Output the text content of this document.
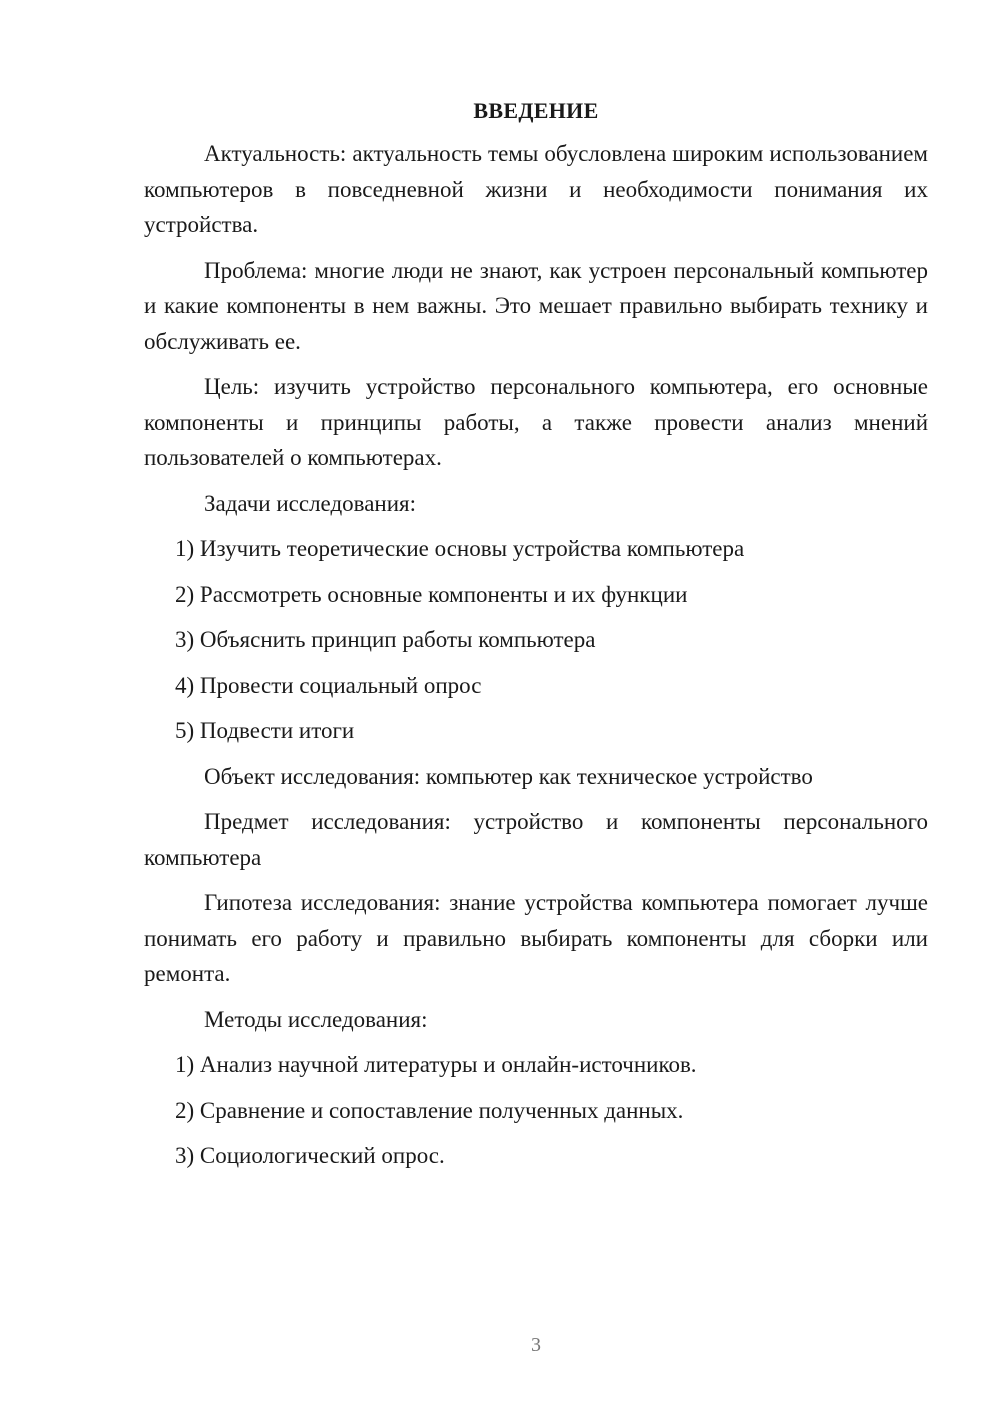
ВВЕДЕНИЕ

Актуальность: актуальность темы обусловлена широким использованием компьютеров в повседневной жизни и необходимости понимания их устройства.

Проблема: многие люди не знают, как устроен персональный компьютер и какие компоненты в нем важны. Это мешает правильно выбирать технику и обслуживать ее.

Цель: изучить устройство персонального компьютера, его основные компоненты и принципы работы, а также провести анализ мнений пользователей о компьютерах.

Задачи исследования:

1) Изучить теоретические основы устройства компьютера

2) Рассмотреть основные компоненты и их функции

3) Объяснить принцип работы компьютера

4) Провести социальный опрос

5) Подвести итоги

Объект исследования: компьютер как техническое устройство

Предмет исследования: устройство и компоненты персонального компьютера

Гипотеза исследования: знание устройства компьютера помогает лучше понимать его работу и правильно выбирать компоненты для сборки или ремонта.

Методы исследования:

1) Анализ научной литературы и онлайн-источников.

2) Сравнение и сопоставление полученных данных.

3) Социологический опрос.

3
